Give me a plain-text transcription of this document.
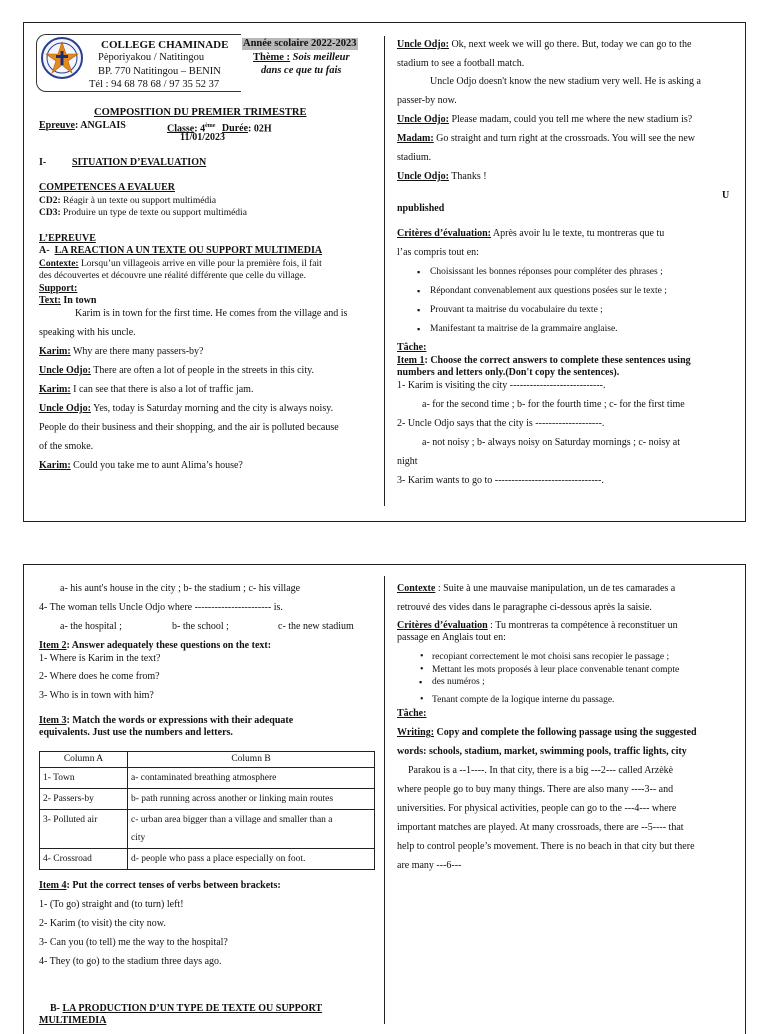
COLLEGE CHAMINADE
Pèporiyakou / Natitingou
BP. 770 Natitingou – BENIN
Tél : 94 68 78 68 / 97 35 52 37
Année scolaire 2022-2023
Thème : Sois meilleur
dans ce que tu fais
COMPOSITION DU PREMIER TRIMESTRE
Epreuve: ANGLAIS	Classe: 4ème Durée: 02H
11/01/2023
I-	SITUATION D’EVALUATION
COMPETENCES A EVALUER
CD2: Réagir à un texte ou support multimédia
CD3: Produire un type de texte ou support multimédia
L’EPREUVE
A- LA REACTION A UN TEXTE OU SUPPORT MULTIMEDIA
Contexte: Lorsqu’un villageois arrive en ville pour la première fois, il fait
des découvertes et découvre une réalité différente que celle du village.
Support:
Text: In town
Karim is in town for the first time. He comes from the village and is
speaking with his uncle.
Karim: Why are there many passers-by?
Uncle Odjo: There are often a lot of people in the streets in this city.
Karim: I can see that there is also a lot of traffic jam.
Uncle Odjo: Yes, today is Saturday morning and the city is always noisy.
People do their business and their shopping, and the air is polluted because
of the smoke.
Karim: Could you take me to aunt Alima’s house?
Uncle Odjo: Ok, next week we will go there. But, today we can go to the
stadium to see a football match.
Uncle Odjo doesn't know the new stadium very well. He is asking a
passer-by now.
Uncle Odjo: Please madam, could you tell me where the new stadium is?
Madam: Go straight and turn right at the crossroads. You will see the new
stadium.
Uncle Odjo: Thanks !
U
npublished
Critères d’évaluation: Après avoir lu le texte, tu montreras que tu
l’as compris tout en:
▪ Choisissant les bonnes réponses pour compléter des phrases ;
▪ Répondant convenablement aux questions posées sur le texte ;
▪ Prouvant ta maitrise du vocabulaire du texte ;
▪ Manifestant ta maitrise de la grammaire anglaise.
Tâche:
Item 1: Choose the correct answers to complete these sentences using
numbers and letters only.(Don't copy the sentences).
1- Karim is visiting the city ----------------------------.
a- for the second time ; b- for the fourth time ; c- for the first time
2- Uncle Odjo says that the city is --------------------.
a- not noisy ; b- always noisy on Saturday mornings ; c- noisy at
night
3- Karim wants to go to --------------------------------.
a- his aunt's house in the city ; b- the stadium ; c- his village
4- The woman tells Uncle Odjo where ----------------------- is.
a- the hospital ;	b- the school ;	c- the new stadium
Item 2: Answer adequately these questions on the text:
1- Where is Karim in the text?
2- Where does he come from?
3- Who is in town with him?
Item 3: Match the words or expressions with their adequate
equivalents. Just use the numbers and letters.
Column A	Column B
1- Town	a- contaminated breathing atmosphere
2- Passers-by	b- path running across another or linking main routes
3- Polluted air	c- urban area bigger than a village and smaller than a
city

4- Crossroad	d- people who pass a place especially on foot.
Item 4: Put the correct tenses of verbs between brackets:
1- (To go) straight and (to turn) left!
2- Karim (to visit) the city now.
3- Can you (to tell) me the way to the hospital?
4- They (to go) to the stadium three days ago.
B- LA PRODUCTION D’UN TYPE DE TEXTE OU SUPPORT
MULTIMEDIA
Contexte : Suite à une mauvaise manipulation, un de tes camarades a
retrouvé des vides dans le paragraphe ci-dessous après la saisie.
Critères d’évaluation : Tu montreras ta compétence à reconstituer un
passage en Anglais tout en:
• recopiant correctement le mot choisi sans recopier le passage ;
• Mettant les mots proposés à leur place convenable tenant compte
▪ des numéros ;
• Tenant compte de la logique interne du passage.
Tâche:
Writing: Copy and complete the following passage using the suggested
words: schools, stadium, market, swimming pools, traffic lights, city
Parakou is a --1----. In that city, there is a big ---2--- called Arzèkè
where people go to buy many things. There are also many ----3-- and
universities. For physical activities, people can go to the ---4--- where
important matches are played. At many crossroads, there are --5---- that
help to control people’s movement. There is no beach in that city but there
are many ---6---
